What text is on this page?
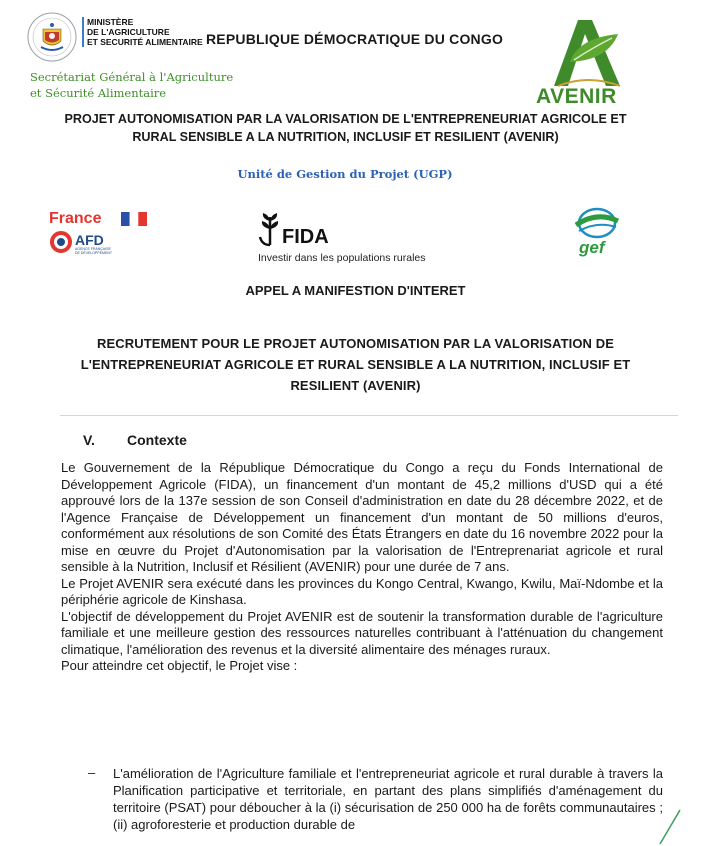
MINISTÈRE
DE L'AGRICULTURE
ET SECURITÉ ALIMENTAIRE REPUBLIQUE DÉMOCRATIQUE DU CONGO
Secrétariat Général à l'Agriculture
et Sécurité Alimentaire	AVENIR
PROJET AUTONOMISATION PAR LA VALORISATION DE L'ENTREPRENEURIAT AGRICOLE ET
RURAL SENSIBLE A LA NUTRITION, INCLUSIF ET RESILIENT (AVENIR)
Unité de Gestion du Projet (UGP)
France
AFD
AGENCE FRANÇAISE DE DÉVELOPPEMENT
FIDA
Investir dans les populations rurales
gef
APPEL A MANIFESTION D'INTERET
RECRUTEMENT POUR LE PROJET AUTONOMISATION PAR LA VALORISATION DE
L'ENTREPRENEURIAT AGRICOLE ET RURAL SENSIBLE A LA NUTRITION, INCLUSIF ET
RESILIENT (AVENIR)
V. Contexte

Le Gouvernement de la République Démocratique du Congo a reçu du Fonds International de Développement Agricole (FIDA), un financement d'un montant de 45,2 millions d'USD qui a été approuvé lors de la 137e session de son Conseil d'administration en date du 28 décembre 2022, et de l'Agence Française de Développement un financement d'un montant de 50 millions d'euros, conformément aux résolutions de son Comité des États Étrangers en date du 16 novembre 2022 pour la mise en œuvre du Projet d'Autonomisation par la valorisation de l'Entreprenariat agricole et rural sensible à la Nutrition, Inclusif et Résilient (AVENIR) pour une durée de 7 ans.

Le Projet AVENIR sera exécuté dans les provinces du Kongo Central, Kwango, Kwilu, Maï-Ndombe et la périphérie agricole de Kinshasa.

L'objectif de développement du Projet AVENIR est de soutenir la transformation durable de l'agriculture familiale et une meilleure gestion des ressources naturelles contribuant à l'atténuation du changement climatique, l'amélioration des revenus et la diversité alimentaire des ménages ruraux.

Pour atteindre cet objectif, le Projet vise :

–	L'amélioration de l'Agriculture familiale et l'entrepreneuriat agricole et rural durable à travers la Planification participative et territoriale, en partant des plans simplifiés d'aménagement du territoire (PSAT) pour déboucher à la (i) sécurisation de 250 000 ha de forêts communautaires ; (ii) agroforesterie et production durable de
